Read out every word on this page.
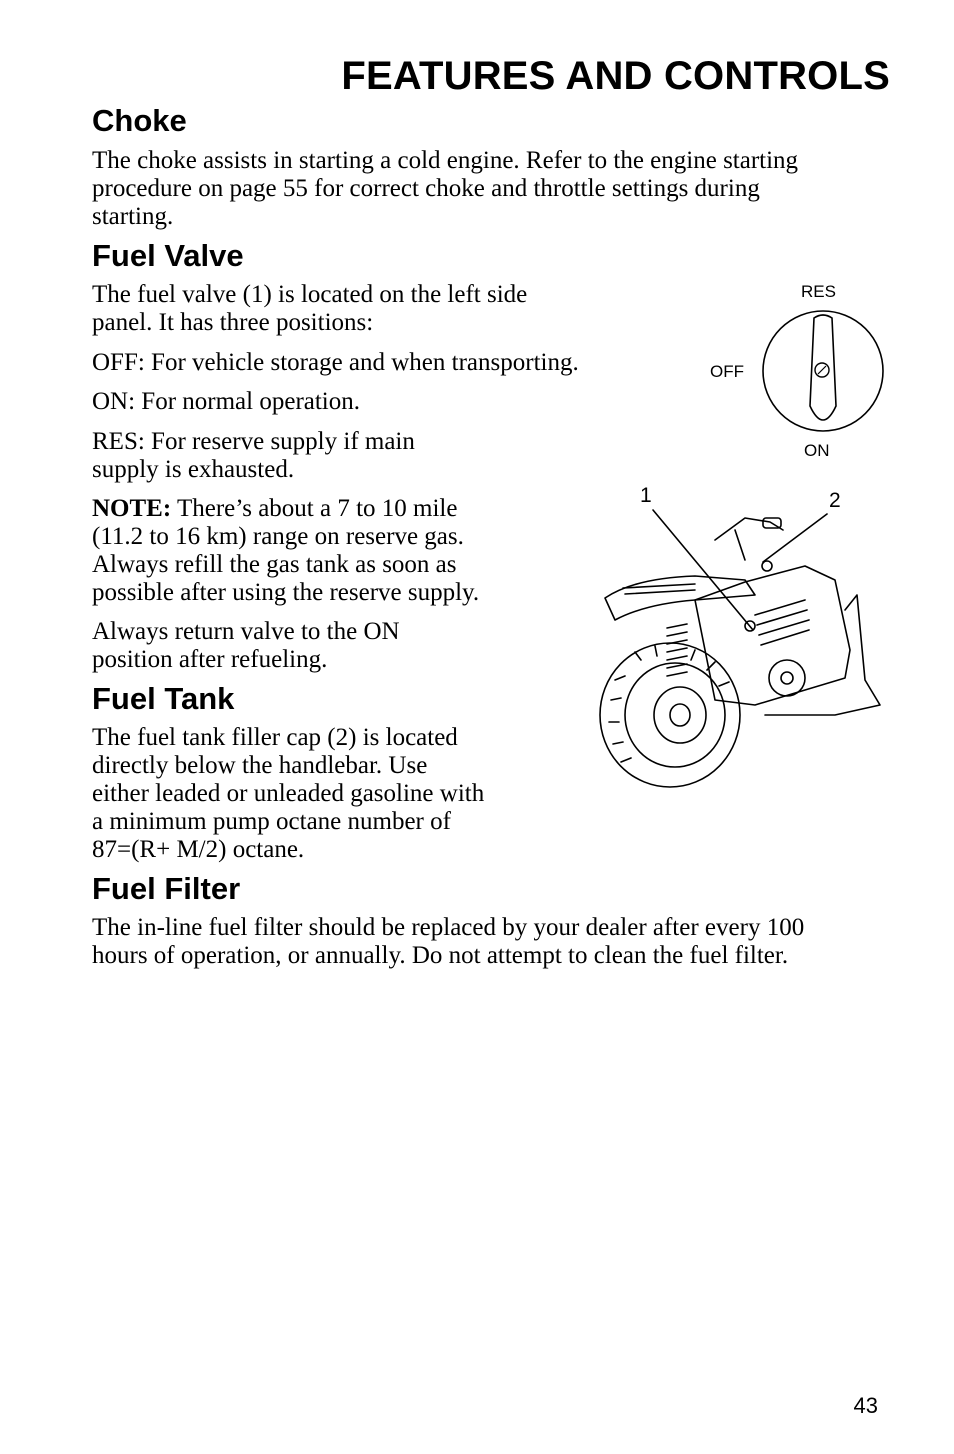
FEATURES AND CONTROLS
Choke
The choke assists in starting a cold engine. Refer to the engine starting
procedure on page 55 for correct choke and throttle settings during
starting.
Fuel Valve
The fuel valve (1) is located on the left side
panel. It has three positions:

OFF: For vehicle storage and when transporting.

ON: For normal operation.

RES: For reserve supply if main
supply is exhausted.
NOTE: There’s about a 7 to 10 mile
(11.2 to 16 km) range on reserve gas.
Always refill the gas tank as soon as
possible after using the reserve supply.
Always return valve to the ON
position after refueling.
Fuel Tank
The fuel tank filler cap (2) is located
directly below the handlebar. Use
either leaded or unleaded gasoline with
a minimum pump octane number of
87=(R+ M/2) octane.
Fuel Filter
The in-line fuel filter should be replaced by your dealer after every 100
hours of operation, or annually. Do not attempt to clean the fuel filter.
RES
OFF
ON
1	2
43
